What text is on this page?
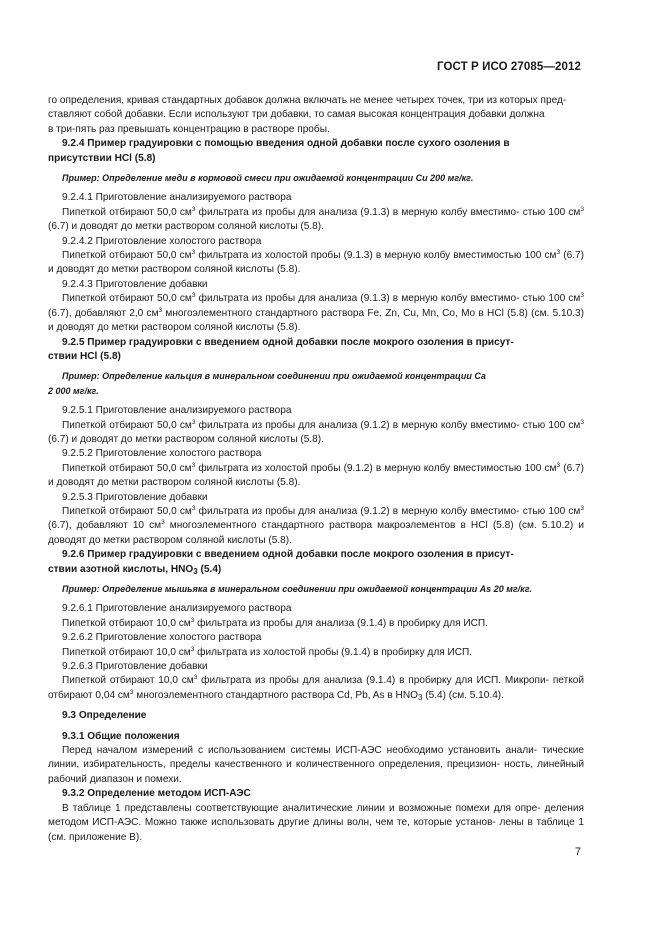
ГОСТ Р ИСО 27085—2012

го определения, кривая стандартных добавок должна включать не менее четырех точек, три из которых пред-
ставляют собой добавки. Если используют три добавки, то самая высокая концентрация добавки должна
в три-пять раз превышать концентрацию в растворе пробы.

9.2.4 Пример градуировки с помощью введения одной добавки после сухого озоления в
присутствии HCl (5.8)

Пример: Определение меди в кормовой смеси при ожидаемой концентрации Cu 200 мг/кг.

9.2.4.1 Приготовление анализируемого раствора

Пипеткой отбирают 50,0 $см^3$ фильтрата из пробы для анализа (9.1.3) в мерную колбу вместимо- стью 100 $см^3$ (6.7) и доводят до метки раствором соляной кислоты (5.8).

9.2.4.2 Приготовление холостого раствора

Пипеткой отбирают 50,0 $см^3$ фильтрата из холостой пробы (9.1.3) в мерную колбу вместимостью 100 $см^3$ (6.7) и доводят до метки раствором соляной кислоты (5.8).

9.2.4.3 Приготовление добавки

Пипеткой отбирают 50,0 $см^3$ фильтрата из пробы для анализа (9.1.3) в мерную колбу вместимо- стью 100 $см^3$ (6.7), добавляют 2,0 $см^3$ многоэлементного стандартного раствора Fe, Zn, Cu, Mn, Co, Mo в HCl (5.8) (см. 5.10.3) и доводят до метки раствором соляной кислоты (5.8).

9.2.5 Пример градуировки с введением одной добавки после мокрого озоления в присут-
ствии HCl (5.8)

Пример: Определение кальция в минеральном соединении при ожидаемой концентрации Ca
2 000 мг/кг.

9.2.5.1 Приготовление анализируемого раствора

Пипеткой отбирают 50,0 $см^3$ фильтрата из пробы для анализа (9.1.2) в мерную колбу вместимо- стью 100 $см^3$ (6.7) и доводят до метки раствором соляной кислоты (5.8).

9.2.5.2 Приготовление холостого раствора

Пипеткой отбирают 50,0 $см^3$ фильтрата из холостой пробы (9.1.2) в мерную колбу вместимостью 100 $см^3$ (6.7) и доводят до метки раствором соляной кислоты (5.8).

9.2.5.3 Приготовление добавки

Пипеткой отбирают 50,0 $см^3$ фильтрата из пробы для анализа (9.1.2) в мерную колбу вместимо- стью 100 $см^3$ (6.7), добавляют 10 $см^3$ многоэлементного стандартного раствора макроэлементов в HCl (5.8) (см. 5.10.2) и доводят до метки раствором соляной кислоты (5.8).

9.2.6 Пример градуировки с введением одной добавки после мокрого озоления в присут-
ствии азотной кислоты, $HNO_3$ (5.4)

Пример: Определение мышьяка в минеральном соединении при ожидаемой концентрации As 20 мг/кг.

9.2.6.1 Приготовление анализируемого раствора

Пипеткой отбирают 10,0 $см^3$ фильтрата из пробы для анализа (9.1.4) в пробирку для ИСП.

9.2.6.2 Приготовление холостого раствора

Пипеткой отбирают 10,0 $см^3$ фильтрата из холостой пробы (9.1.4) в пробирку для ИСП.

9.2.6.3 Приготовление добавки

Пипеткой отбирают 10,0 $см^3$ фильтрата из пробы для анализа (9.1.4) в пробирку для ИСП. Микропи- петкой отбирают 0,04 $см^3$ многоэлементного стандартного раствора Cd, Pb, As в $HNO_3$ (5.4) (см. 5.10.4).

9.3 Определение

9.3.1 Общие положения

Перед началом измерений с использованием системы ИСП-АЭС необходимо установить анали- тические линии, избирательность, пределы качественного и количественного определения, прецизион- ность, линейный рабочий диапазон и помехи.

9.3.2 Определение методом ИСП-АЭС

В таблице 1 представлены соответствующие аналитические линии и возможные помехи для опре- деления методом ИСП-АЭС. Можно также использовать другие длины волн, чем те, которые установ- лены в таблице 1 (см. приложение В).

7
